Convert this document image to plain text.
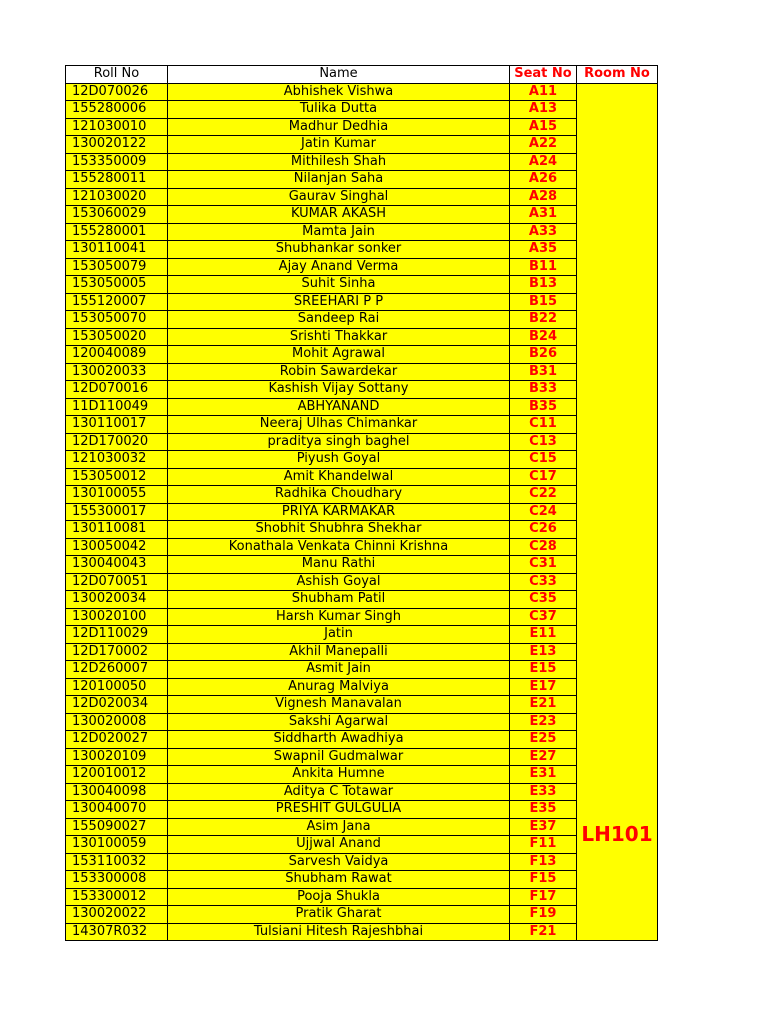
Roll No	Name	Seat No	Room No
12D070026	Abhishek Vishwa	A11	LH101
155280006	Tulika Dutta	A13	
121030010	Madhur Dedhia	A15	
130020122	Jatin Kumar	A22	
153350009	Mithilesh Shah	A24	
155280011	Nilanjan Saha	A26	
121030020	Gaurav Singhal	A28	
153060029	KUMAR AKASH	A31	
155280001	Mamta Jain	A33	
130110041	Shubhankar sonker	A35	
153050079	Ajay Anand Verma	B11	
153050005	Suhit Sinha	B13	
155120007	SREEHARI P P	B15	
153050070	Sandeep Rai	B22	
153050020	Srishti Thakkar	B24	
120040089	Mohit Agrawal	B26	
130020033	Robin Sawardekar	B31	
12D070016	Kashish Vijay Sottany	B33	
11D110049	ABHYANAND	B35	
130110017	Neeraj Ulhas Chimankar	C11	
12D170020	praditya singh baghel	C13	
121030032	Piyush Goyal	C15	
153050012	Amit Khandelwal	C17	
130100055	Radhika Choudhary	C22	
155300017	PRIYA KARMAKAR	C24	
130110081	Shobhit Shubhra Shekhar	C26	
130050042	Konathala Venkata Chinni Krishna	C28	
130040043	Manu Rathi	C31	
12D070051	Ashish Goyal	C33	
130020034	Shubham Patil	C35	
130020100	Harsh Kumar Singh	C37	
12D110029	Jatin	E11	
12D170002	Akhil Manepalli	E13	
12D260007	Asmit Jain	E15	
120100050	Anurag Malviya	E17	
12D020034	Vignesh Manavalan	E21	
130020008	Sakshi Agarwal	E23	
12D020027	Siddharth Awadhiya	E25	
130020109	Swapnil Gudmalwar	E27	
120010012	Ankita Humne	E31	
130040098	Aditya C Totawar	E33	
130040070	PRESHIT GULGULIA	E35	
155090027	Asim Jana	E37	
130100059	Ujjwal Anand	F11	
153110032	Sarvesh Vaidya	F13	
153300008	Shubham Rawat	F15	
153300012	Pooja Shukla	F17	
130020022	Pratik Gharat	F19	
14307R032	Tulsiani Hitesh Rajeshbhai	F21	
